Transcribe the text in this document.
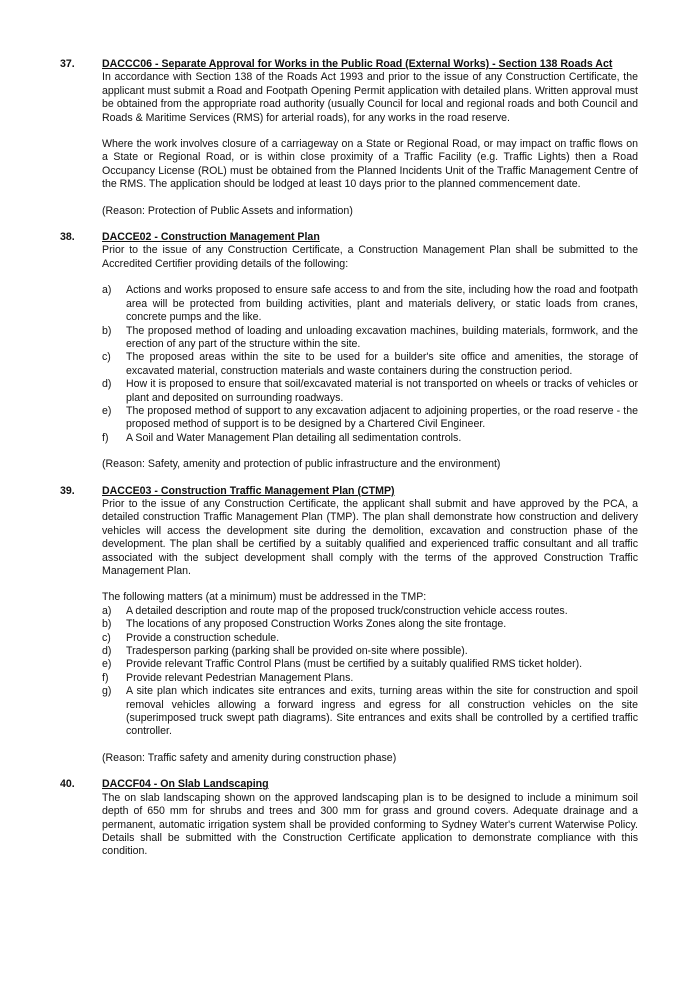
37.	DACCC06 - Separate Approval for Works in the Public Road (External Works) - Section 138 Roads Act

In accordance with Section 138 of the Roads Act 1993 and prior to the issue of any Construction Certificate, the applicant must submit a Road and Footpath Opening Permit application with detailed plans. Written approval must be obtained from the appropriate road authority (usually Council for local and regional roads and both Council and Roads & Maritime Services (RMS) for arterial roads), for any works in the road reserve.

Where the work involves closure of a carriageway on a State or Regional Road, or may impact on traffic flows on a State or Regional Road, or is within close proximity of a Traffic Facility (e.g. Traffic Lights) then a Road Occupancy License (ROL) must be obtained from the Planned Incidents Unit of the Traffic Management Centre of the RMS. The application should be lodged at least 10 days prior to the planned commencement date.

(Reason: Protection of Public Assets and information)

38.	DACCE02 - Construction Management Plan

Prior to the issue of any Construction Certificate, a Construction Management Plan shall be submitted to the Accredited Certifier providing details of the following:

a)	Actions and works proposed to ensure safe access to and from the site, including how the road and footpath area will be protected from building activities, plant and materials delivery, or static loads from cranes, concrete pumps and the like.
b)	The proposed method of loading and unloading excavation machines, building materials, formwork, and the erection of any part of the structure within the site.
c)	The proposed areas within the site to be used for a builder's site office and amenities, the storage of excavated material, construction materials and waste containers during the construction period.
d)	How it is proposed to ensure that soil/excavated material is not transported on wheels or tracks of vehicles or plant and deposited on surrounding roadways.
e)	The proposed method of support to any excavation adjacent to adjoining properties, or the road reserve - the proposed method of support is to be designed by a Chartered Civil Engineer.
f)	A Soil and Water Management Plan detailing all sedimentation controls.

(Reason: Safety, amenity and protection of public infrastructure and the environment)

39.	DACCE03 - Construction Traffic Management Plan (CTMP)

Prior to the issue of any Construction Certificate, the applicant shall submit and have approved by the PCA, a detailed construction Traffic Management Plan (TMP). The plan shall demonstrate how construction and delivery vehicles will access the development site during the demolition, excavation and construction phase of the development. The plan shall be certified by a suitably qualified and experienced traffic consultant and all traffic associated with the subject development shall comply with the terms of the approved Construction Traffic Management Plan.

The following matters (at a minimum) must be addressed in the TMP:

a)	A detailed description and route map of the proposed truck/construction vehicle access routes.
b)	The locations of any proposed Construction Works Zones along the site frontage.
c)	Provide a construction schedule.
d)	Tradesperson parking (parking shall be provided on-site where possible).
e)	Provide relevant Traffic Control Plans (must be certified by a suitably qualified RMS ticket holder).
f)	Provide relevant Pedestrian Management Plans.
g)	A site plan which indicates site entrances and exits, turning areas within the site for construction and spoil removal vehicles allowing a forward ingress and egress for all construction vehicles on the site (superimposed truck swept path diagrams). Site entrances and exits shall be controlled by a certified traffic controller.

(Reason: Traffic safety and amenity during construction phase)

40.	DACCF04 - On Slab Landscaping

The on slab landscaping shown on the approved landscaping plan is to be designed to include a minimum soil depth of 650 mm for shrubs and trees and 300 mm for grass and ground covers. Adequate drainage and a permanent, automatic irrigation system shall be provided conforming to Sydney Water's current Waterwise Policy. Details shall be submitted with the Construction Certificate application to demonstrate compliance with this condition.
